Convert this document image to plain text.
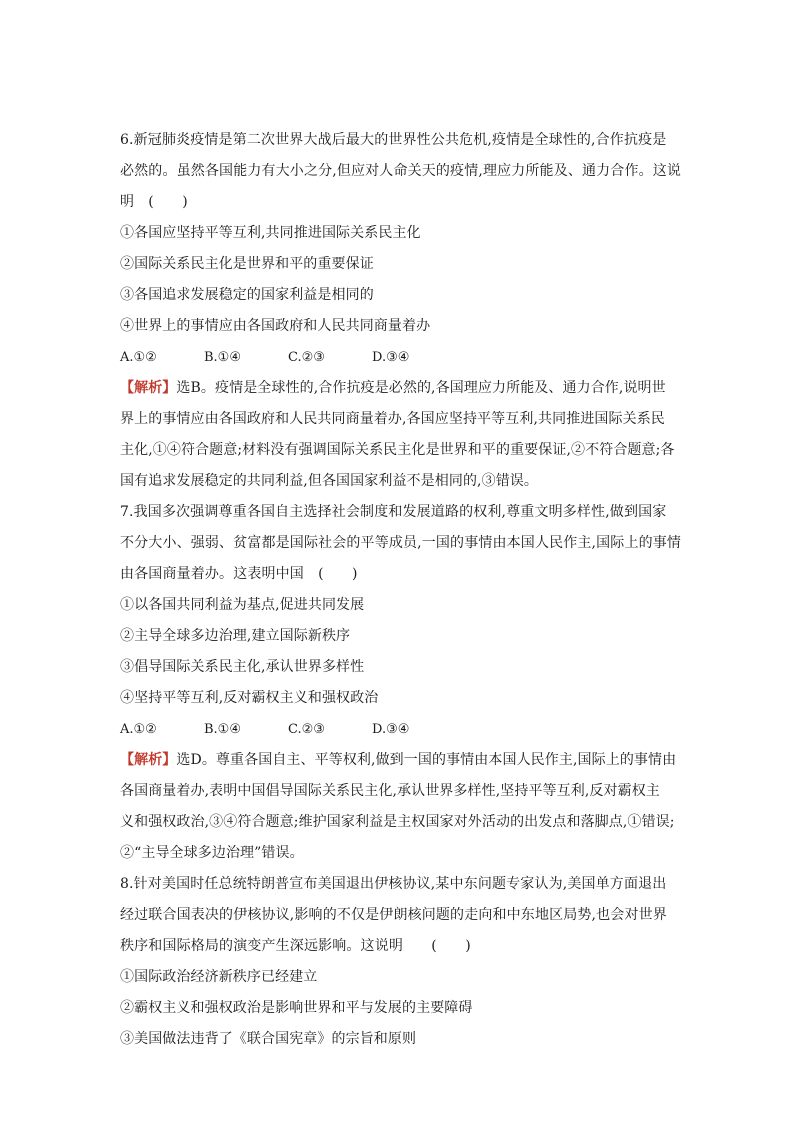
6.新冠肺炎疫情是第二次世界大战后最大的世界性公共危机,疫情是全球性的,合作抗疫是
必然的。虽然各国能力有大小之分,但应对人命关天的疫情,理应力所能及、通力合作。这说
明　(　　)
①各国应坚持平等互利,共同推进国际关系民主化
②国际关系民主化是世界和平的重要保证
③各国追求发展稳定的国家利益是相同的
④世界上的事情应由各国政府和人民共同商量着办
A.①②	B.①④	C.②③	D.③④
【解析】选B。疫情是全球性的,合作抗疫是必然的,各国理应力所能及、通力合作,说明世
界上的事情应由各国政府和人民共同商量着办,各国应坚持平等互利,共同推进国际关系民
主化,①④符合题意;材料没有强调国际关系民主化是世界和平的重要保证,②不符合题意;各
国有追求发展稳定的共同利益,但各国国家利益不是相同的,③错误。
7.我国多次强调尊重各国自主选择社会制度和发展道路的权利,尊重文明多样性,做到国家
不分大小、强弱、贫富都是国际社会的平等成员,一国的事情由本国人民作主,国际上的事情
由各国商量着办。这表明中国　(　　)
①以各国共同利益为基点,促进共同发展
②主导全球多边治理,建立国际新秩序
③倡导国际关系民主化,承认世界多样性
④坚持平等互利,反对霸权主义和强权政治
A.①②	B.①④	C.②③	D.③④
【解析】选D。尊重各国自主、平等权利,做到一国的事情由本国人民作主,国际上的事情由
各国商量着办,表明中国倡导国际关系民主化,承认世界多样性,坚持平等互利,反对霸权主
义和强权政治,③④符合题意;维护国家利益是主权国家对外活动的出发点和落脚点,①错误;
②“主导全球多边治理”错误。
8.针对美国时任总统特朗普宣布美国退出伊核协议,某中东问题专家认为,美国单方面退出
经过联合国表决的伊核协议,影响的不仅是伊朗核问题的走向和中东地区局势,也会对世界
秩序和国际格局的演变产生深远影响。这说明　　(　　)
①国际政治经济新秩序已经建立
②霸权主义和强权政治是影响世界和平与发展的主要障碍
③美国做法违背了《联合国宪章》的宗旨和原则
